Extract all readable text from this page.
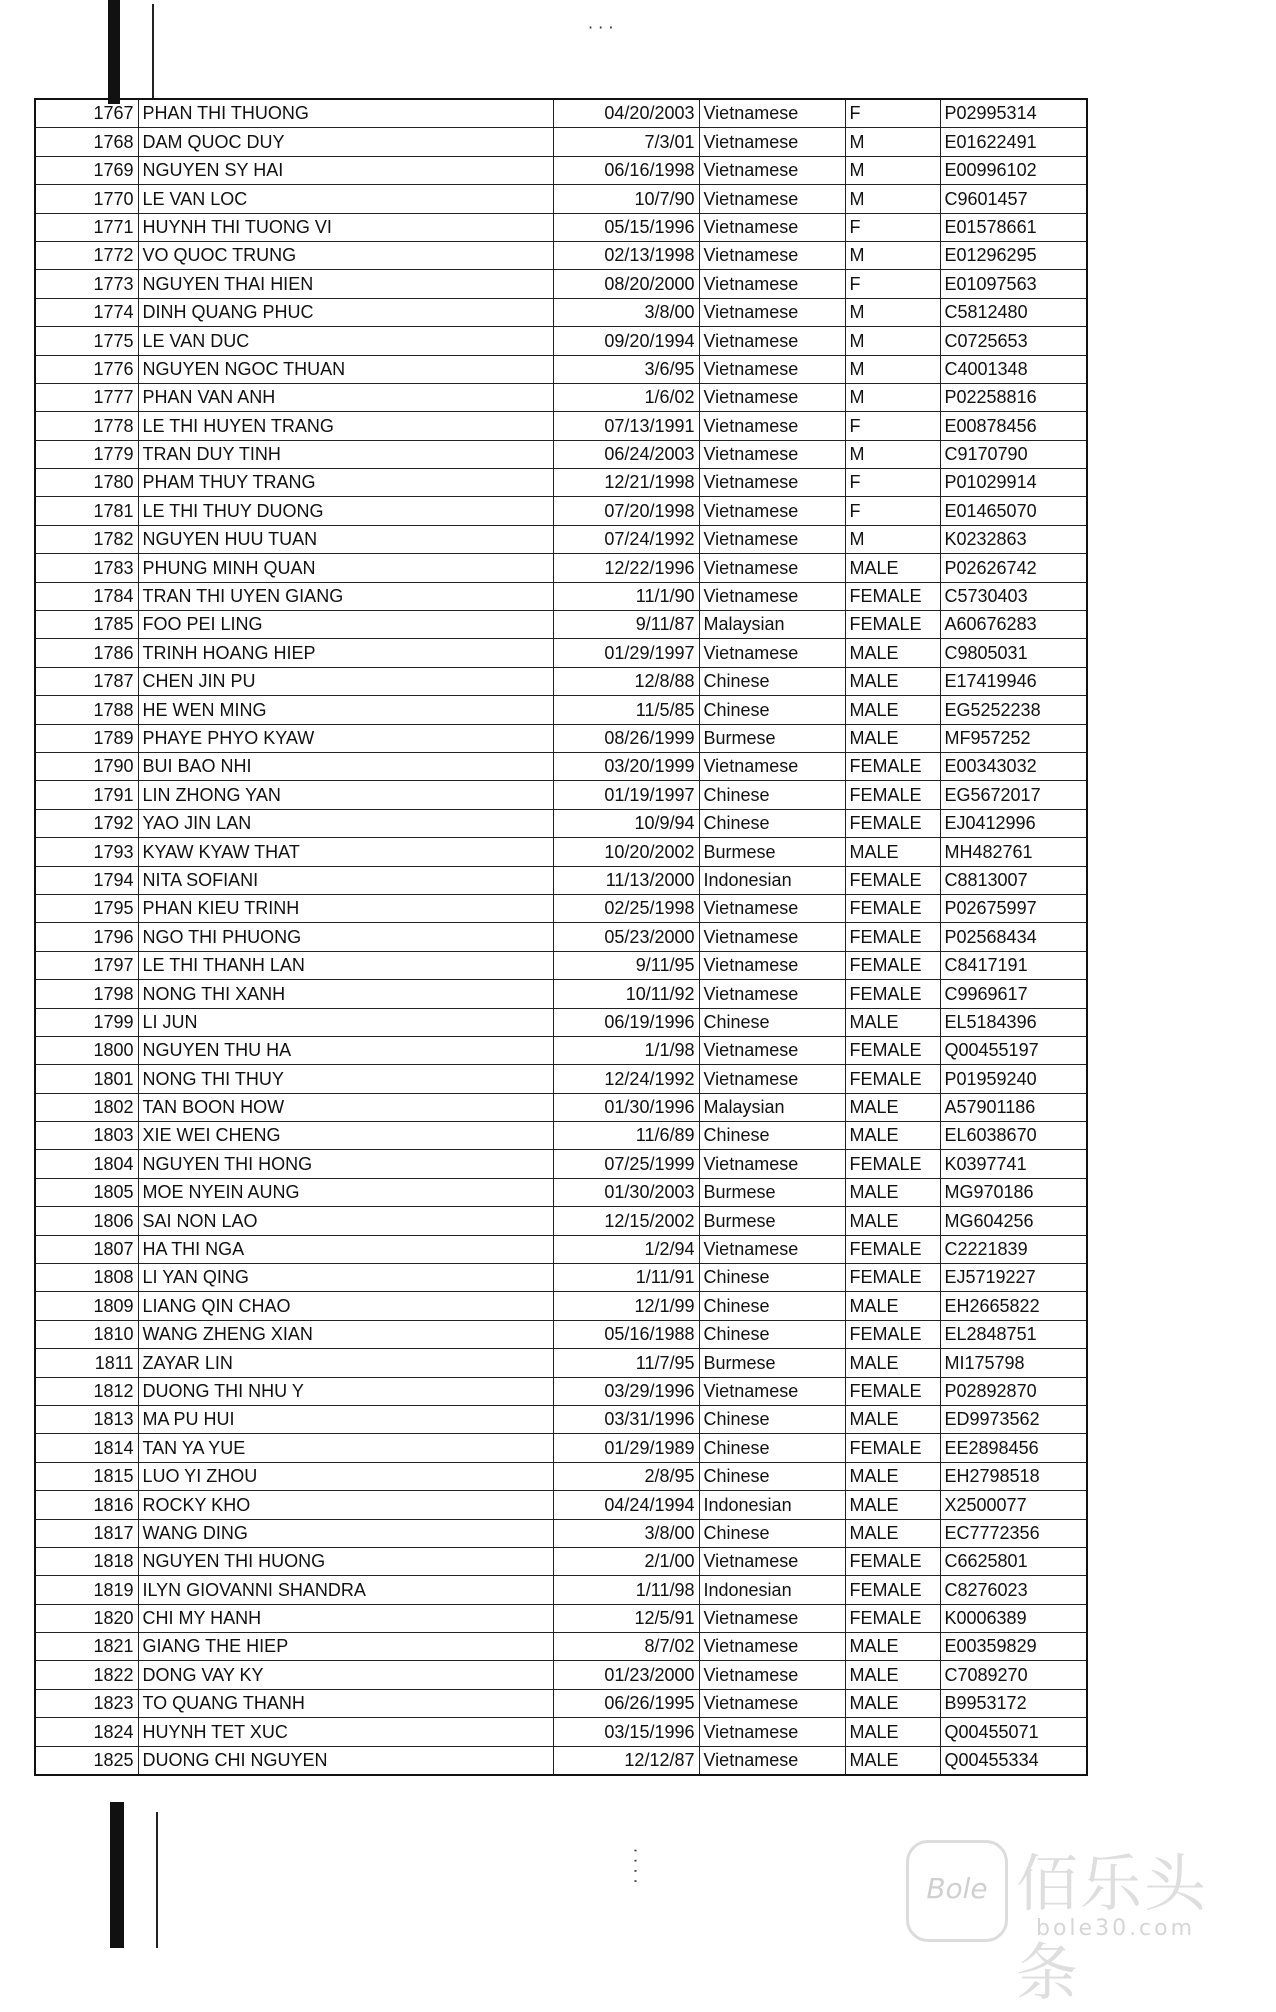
· · ·
· · · ·
1767	PHAN THI THUONG	04/20/2003	Vietnamese	F	P02995314
1768	DAM QUOC DUY	7/3/01	Vietnamese	M	E01622491
1769	NGUYEN SY HAI	06/16/1998	Vietnamese	M	E00996102
1770	LE VAN LOC	10/7/90	Vietnamese	M	C9601457
1771	HUYNH THI TUONG VI	05/15/1996	Vietnamese	F	E01578661
1772	VO QUOC TRUNG	02/13/1998	Vietnamese	M	E01296295
1773	NGUYEN THAI HIEN	08/20/2000	Vietnamese	F	E01097563
1774	DINH QUANG PHUC	3/8/00	Vietnamese	M	C5812480
1775	LE VAN DUC	09/20/1994	Vietnamese	M	C0725653
1776	NGUYEN NGOC THUAN	3/6/95	Vietnamese	M	C4001348
1777	PHAN VAN ANH	1/6/02	Vietnamese	M	P02258816
1778	LE THI HUYEN TRANG	07/13/1991	Vietnamese	F	E00878456
1779	TRAN DUY TINH	06/24/2003	Vietnamese	M	C9170790
1780	PHAM THUY TRANG	12/21/1998	Vietnamese	F	P01029914
1781	LE THI THUY DUONG	07/20/1998	Vietnamese	F	E01465070
1782	NGUYEN HUU TUAN	07/24/1992	Vietnamese	M	K0232863
1783	PHUNG MINH QUAN	12/22/1996	Vietnamese	MALE	P02626742
1784	TRAN THI UYEN GIANG	11/1/90	Vietnamese	FEMALE	C5730403
1785	FOO PEI LING	9/11/87	Malaysian	FEMALE	A60676283
1786	TRINH HOANG HIEP	01/29/1997	Vietnamese	MALE	C9805031
1787	CHEN JIN PU	12/8/88	Chinese	MALE	E17419946
1788	HE WEN MING	11/5/85	Chinese	MALE	EG5252238
1789	PHAYE PHYO KYAW	08/26/1999	Burmese	MALE	MF957252
1790	BUI BAO NHI	03/20/1999	Vietnamese	FEMALE	E00343032
1791	LIN ZHONG YAN	01/19/1997	Chinese	FEMALE	EG5672017
1792	YAO JIN LAN	10/9/94	Chinese	FEMALE	EJ0412996
1793	KYAW KYAW THAT	10/20/2002	Burmese	MALE	MH482761
1794	NITA SOFIANI	11/13/2000	Indonesian	FEMALE	C8813007
1795	PHAN KIEU TRINH	02/25/1998	Vietnamese	FEMALE	P02675997
1796	NGO THI PHUONG	05/23/2000	Vietnamese	FEMALE	P02568434
1797	LE THI THANH LAN	9/11/95	Vietnamese	FEMALE	C8417191
1798	NONG THI XANH	10/11/92	Vietnamese	FEMALE	C9969617
1799	LI JUN	06/19/1996	Chinese	MALE	EL5184396
1800	NGUYEN THU HA	1/1/98	Vietnamese	FEMALE	Q00455197
1801	NONG THI THUY	12/24/1992	Vietnamese	FEMALE	P01959240
1802	TAN BOON HOW	01/30/1996	Malaysian	MALE	A57901186
1803	XIE WEI CHENG	11/6/89	Chinese	MALE	EL6038670
1804	NGUYEN THI HONG	07/25/1999	Vietnamese	FEMALE	K0397741
1805	MOE NYEIN AUNG	01/30/2003	Burmese	MALE	MG970186
1806	SAI NON LAO	12/15/2002	Burmese	MALE	MG604256
1807	HA THI NGA	1/2/94	Vietnamese	FEMALE	C2221839
1808	LI YAN QING	1/11/91	Chinese	FEMALE	EJ5719227
1809	LIANG QIN CHAO	12/1/99	Chinese	MALE	EH2665822
1810	WANG ZHENG XIAN	05/16/1988	Chinese	FEMALE	EL2848751
1811	ZAYAR LIN	11/7/95	Burmese	MALE	MI175798
1812	DUONG THI NHU Y	03/29/1996	Vietnamese	FEMALE	P02892870
1813	MA PU HUI	03/31/1996	Chinese	MALE	ED9973562
1814	TAN YA YUE	01/29/1989	Chinese	FEMALE	EE2898456
1815	LUO YI ZHOU	2/8/95	Chinese	MALE	EH2798518
1816	ROCKY KHO	04/24/1994	Indonesian	MALE	X2500077
1817	WANG DING	3/8/00	Chinese	MALE	EC7772356
1818	NGUYEN THI HUONG	2/1/00	Vietnamese	FEMALE	C6625801
1819	ILYN GIOVANNI SHANDRA	1/11/98	Indonesian	FEMALE	C8276023
1820	CHI MY HANH	12/5/91	Vietnamese	FEMALE	K0006389
1821	GIANG THE HIEP	8/7/02	Vietnamese	MALE	E00359829
1822	DONG VAY KY	01/23/2000	Vietnamese	MALE	C7089270
1823	TO QUANG THANH	06/26/1995	Vietnamese	MALE	B9953172
1824	HUYNH TET XUC	03/15/1996	Vietnamese	MALE	Q00455071
1825	DUONG CHI NGUYEN	12/12/87	Vietnamese	MALE	Q00455334
Bole 佰乐头条
bole30.com
